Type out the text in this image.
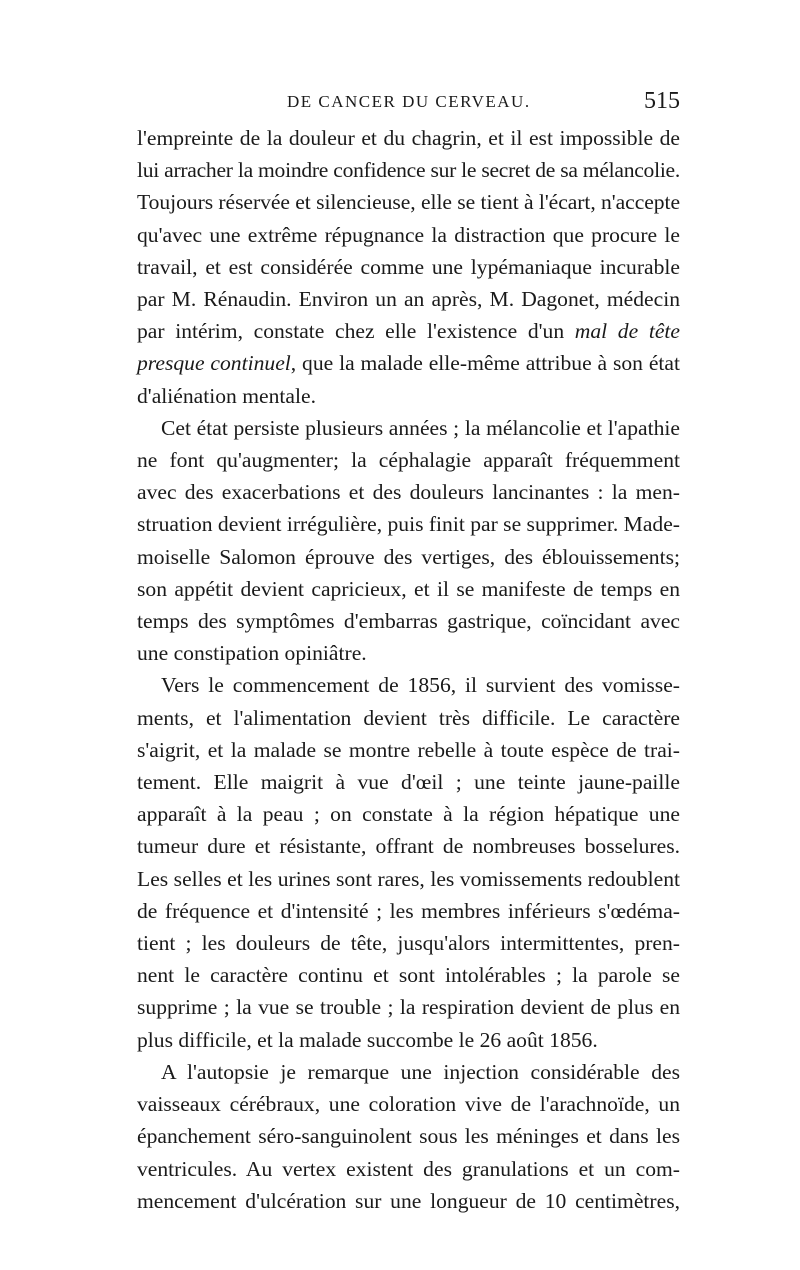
DE CANCER DU CERVEAU.	515

l'empreinte de la douleur et du chagrin, et il est impossible de
lui arracher la moindre confidence sur le secret de sa mélancolie.
Toujours réservée et silencieuse, elle se tient à l'écart, n'accepte
qu'avec une extrême répugnance la distraction que procure le
travail, et est considérée comme une lypémaniaque incurable
par M. Rénaudin. Environ un an après, M. Dagonet, médecin
par intérim, constate chez elle l'existence d'un mal de tête
presque continuel, que la malade elle-même attribue à son état
d'aliénation mentale.

Cet état persiste plusieurs années ; la mélancolie et l'apathie
ne font qu'augmenter; la céphalagie apparaît fréquemment
avec des exacerbations et des douleurs lancinantes : la men-
struation devient irrégulière, puis finit par se supprimer. Made-
moiselle Salomon éprouve des vertiges, des éblouissements;
son appétit devient capricieux, et il se manifeste de temps en
temps des symptômes d'embarras gastrique, coïncidant avec
une constipation opiniâtre.

Vers le commencement de 1856, il survient des vomisse-
ments, et l'alimentation devient très difficile. Le caractère
s'aigrit, et la malade se montre rebelle à toute espèce de trai-
tement. Elle maigrit à vue d'œil ; une teinte jaune-paille
apparaît à la peau ; on constate à la région hépatique une
tumeur dure et résistante, offrant de nombreuses bosselures.
Les selles et les urines sont rares, les vomissements redoublent
de fréquence et d'intensité ; les membres inférieurs s'œdéma-
tient ; les douleurs de tête, jusqu'alors intermittentes, pren-
nent le caractère continu et sont intolérables ; la parole se
supprime ; la vue se trouble ; la respiration devient de plus en
plus difficile, et la malade succombe le 26 août 1856.

A l'autopsie je remarque une injection considérable des
vaisseaux cérébraux, une coloration vive de l'arachnoïde, un
épanchement séro-sanguinolent sous les méninges et dans les
ventricules. Au vertex existent des granulations et un com-
mencement d'ulcération sur une longueur de 10 centimètres,
